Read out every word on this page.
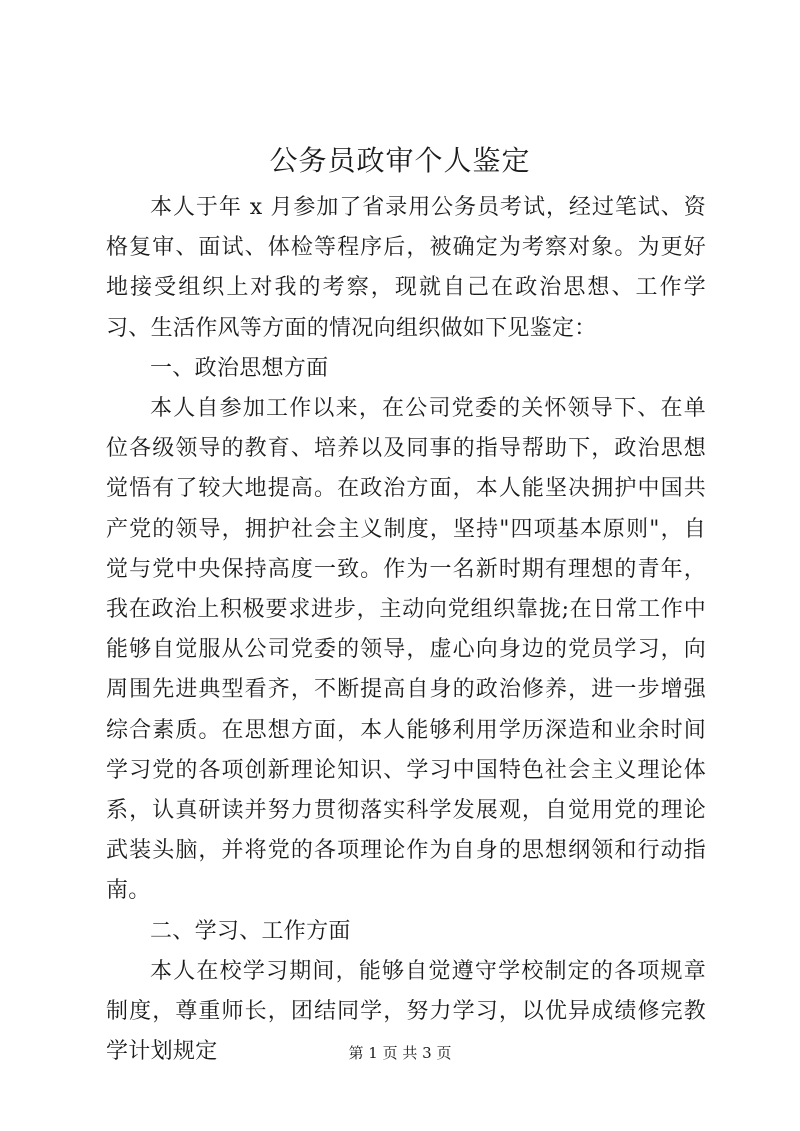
公务员政审个人鉴定

本人于年 x 月参加了省录用公务员考试，经过笔试、资格复审、面试、体检等程序后，被确定为考察对象。为更好地接受组织上对我的考察，现就自己在政治思想、工作学习、生活作风等方面的情况向组织做如下见鉴定：

一、政治思想方面

本人自参加工作以来，在公司党委的关怀领导下、在单位各级领导的教育、培养以及同事的指导帮助下，政治思想觉悟有了较大地提高。在政治方面，本人能坚决拥护中国共产党的领导，拥护社会主义制度，坚持"四项基本原则"，自觉与党中央保持高度一致。作为一名新时期有理想的青年，我在政治上积极要求进步，主动向党组织靠拢;在日常工作中能够自觉服从公司党委的领导，虚心向身边的党员学习，向周围先进典型看齐，不断提高自身的政治修养，进一步增强综合素质。在思想方面，本人能够利用学历深造和业余时间学习党的各项创新理论知识、学习中国特色社会主义理论体系，认真研读并努力贯彻落实科学发展观，自觉用党的理论武装头脑，并将党的各项理论作为自身的思想纲领和行动指南。

二、学习、工作方面

本人在校学习期间，能够自觉遵守学校制定的各项规章制度，尊重师长，团结同学，努力学习，以优异成绩修完教学计划规定	第 1 页 共 3 页
